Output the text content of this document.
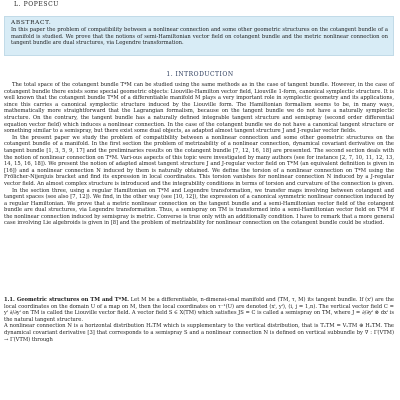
L. POPESCU
ABSTRACT.
In this paper the problem of compatibility between a nonlinear connection and some other geometric structures on the cotangent bundle of a manifold is studied. We prove that the notions of semi-Hamiltonian vector field on cotangent bundle and the metric nonlinear connection on tangent bundle are dual structures, via Legendre transformation.
1. INTRODUCTION

The total space of the cotangent bundle T*M can be studied using the same methods as in the case of tangent bundle. However, in the case of cotangent bundle there exists some special geometric objects: Liouville-Hamilton vector field, Liouville 1-form, canonical symplectic structure. It is well known that the cotangent bundle T*M of a differentiable manifold M plays a very important role in symplectic geometry and its applications, since this carries a canonical symplectic structure induced by the Liouville form. The Hamiltonian formalism seems to be, in many ways, mathematically more straightforward that the Lagrangian formalism, because on the tangent bundle we do not have a naturally symplectic structure. On the contrary, the tangent bundle has a naturally defined integrable tangent structure and semispray (second order differential equation vector field) which induces a nonlinear connection. In the case of the cotangent bundle we do not have a canonical tangent structure or something similar to a semispray, but there exist some dual objects, as adapted almost tangent structure J and J-regular vector fields.

In the present paper we study the problem of compatibility between a nonlinear connection and some other geometric structures on the cotangent bundle of a manifold. In the first section the problem of metrizability of a nonlinear connection, dynamical covariant derivative on the tangent bundle [1, 3, 5, 9, 17] and the preliminaries results on the cotangent bundle [7, 12, 16, 18] are presented. The second section deals with the notion of nonlinear connection on T*M. Vari-ous aspects of this topic were investigated by many authors (see for instance [2, 7, 10, 11, 12, 13, 14, 15, 16, 18]). We present the notion of adapted almost tangent structure J and J-regular vector field on T*M (an equivalent definition is given in [16]) and a nonlinear connection N induced by them is naturally obtained. We define the torsion of a nonlinear connection on T*M using the Frölicher-Nijenjuis bracket and find its expression in local coordinates. This torsion vanishes for nonlinear connection N induced by a J-regular vector field. An almost complex structure is introduced and the integrability conditions in terms of torsion and curvature of the connection is given.

In the section three, using a regular Hamiltonian on T*M and Legendre transformation, we transfer maps involving between cotangent and tangent spaces (see also [7, 12]). We find, in the other way (see [10, 12]), the expression of a canonical symmetric nonlinear connection induced by a regular Hamiltonian. We prove that a metric nonlinear connection on the tangent bundle and a semi-Hamiltonian vector field of the cotangent bundle are dual structures, via Legendre transformation. Thus, a semispray on TM is transformed into a semi-Hamiltonian vector field on T*M if the nonlinear connection induced by semispray is metric. Converse is true only with an additionally condition. I have to remark that a more general case involving Lie algebroids is given in [8] and the problem of metrizability for nonlinear connection on the cotangent bundle could be studied.

1.1. Geometric structures on TM and T*M. Let M be a differentiable, n-dimensi-onal manifold and (TM, τ, M) its tangent bundle. If (xⁱ) are the local coordinates on the domain U of a map on M, then the local coordinates on τ⁻¹(U) are denoted (xⁱ, yⁱ), (i, j = 1,n). The vertical vector field C = yⁱ ∂/∂yⁱ on TM is called the Liouville vector field. A vector field S ∈ X(TM) which satisfies JS = C is called a semispray on TM, where J = ∂/∂yⁱ ⊗ dxⁱ is the natural tangent structure.

A nonlinear connection N is a horizontal distribution HₑTM which is supplementary to the vertical distribution, that is TₑTM = VₑTM ⊕ HₑTM. The dynamical covariant derivative [3] that corresponds to a semispray S and a nonlinear connection N is defined on vertical subbundle by ∇ : Γ(VTM) → Γ(VTM) through
